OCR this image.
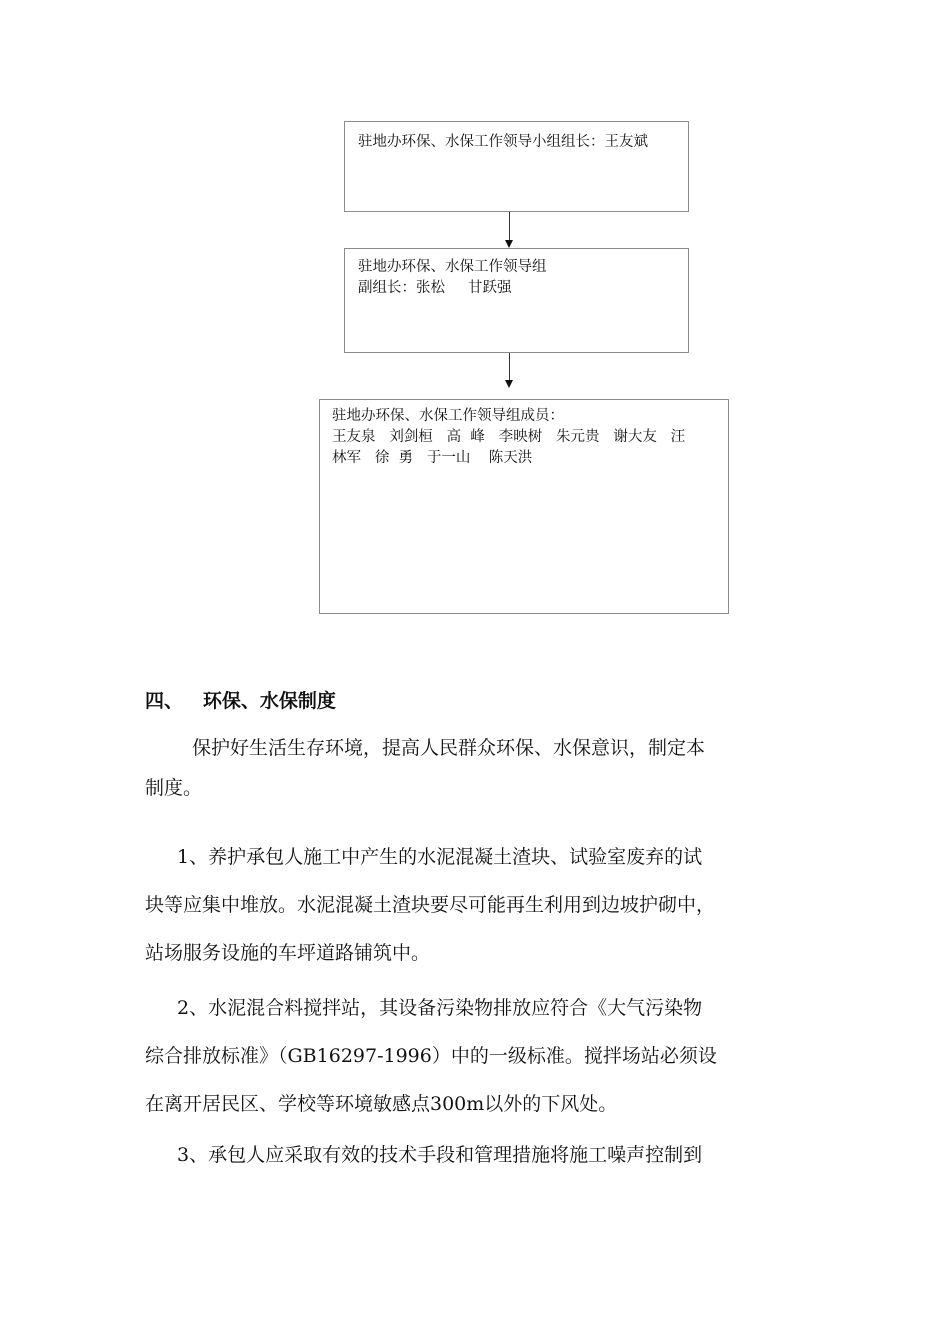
驻地办环保、水保工作领导小组组长：王友斌
驻地办环保、水保工作领导组
副组长：张松     甘跃强
驻地办环保、水保工作领导组成员：
王友泉   刘剑桓   高  峰   李映树   朱元贵   谢大友   汪
林军   徐  勇   于一山    陈天洪
四、   环保、水保制度
保护好生活生存环境，提高人民群众环保、水保意识，制定本
制度。
1、养护承包人施工中产生的水泥混凝土渣块、试验室废弃的试
块等应集中堆放。水泥混凝土渣块要尽可能再生利用到边坡护砌中，
站场服务设施的车坪道路铺筑中。
2、水泥混合料搅拌站，其设备污染物排放应符合《大气污染物
综合排放标准》（GB16297-1996）中的一级标准。搅拌场站必须设
在离开居民区、学校等环境敏感点300m以外的下风处。
3、承包人应采取有效的技术手段和管理措施将施工噪声控制到
